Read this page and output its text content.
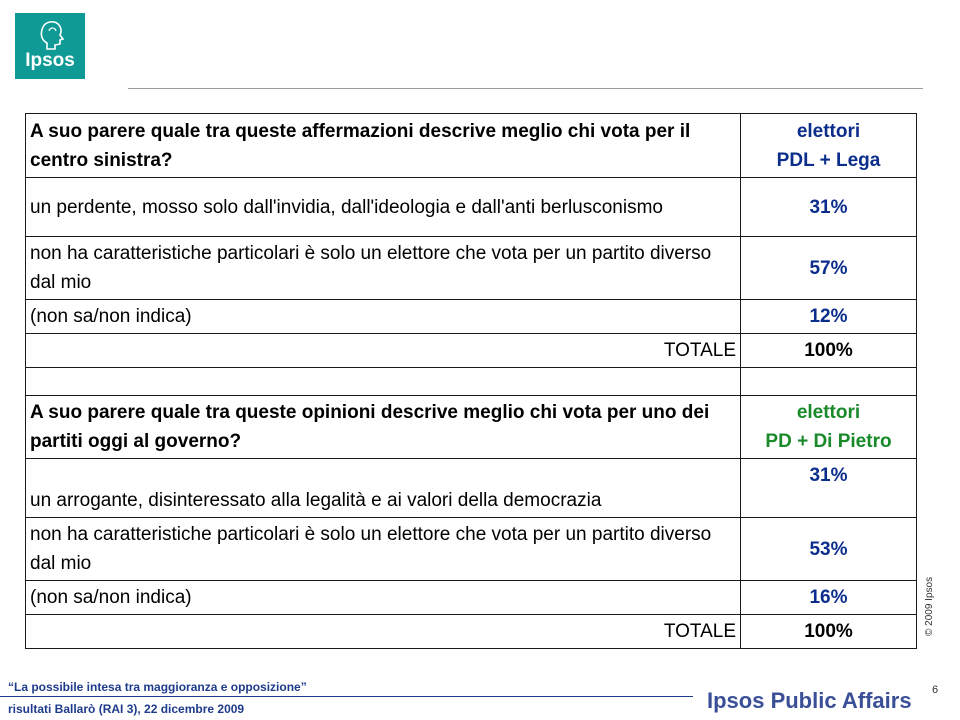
Ipsos
A suo parere quale tra queste affermazioni descrive meglio chi vota per il centro sinistra?	elettori
PDL + Lega

un perdente, mosso solo dall'invidia, dall'ideologia e dall'anti berlusconismo	31%
non ha caratteristiche particolari è solo un elettore che vota per un partito diverso dal mio	57%
(non sa/non indica)	12%
TOTALE	100%

A suo parere quale tra queste opinioni descrive meglio chi vota per uno dei partiti oggi al governo?	elettori
PD + Di Pietro

un arrogante, disinteressato alla legalità e ai valori della democrazia	31%
non ha caratteristiche particolari è solo un elettore che vota per un partito diverso dal mio	53%
(non sa/non indica)	16%
TOTALE	100%	© 2009 Ipsos
6
“La possibile intesa tra maggioranza e opposizione”
risultati Ballarò (RAI 3), 22 dicembre 2009	Ipsos Public Affairs
